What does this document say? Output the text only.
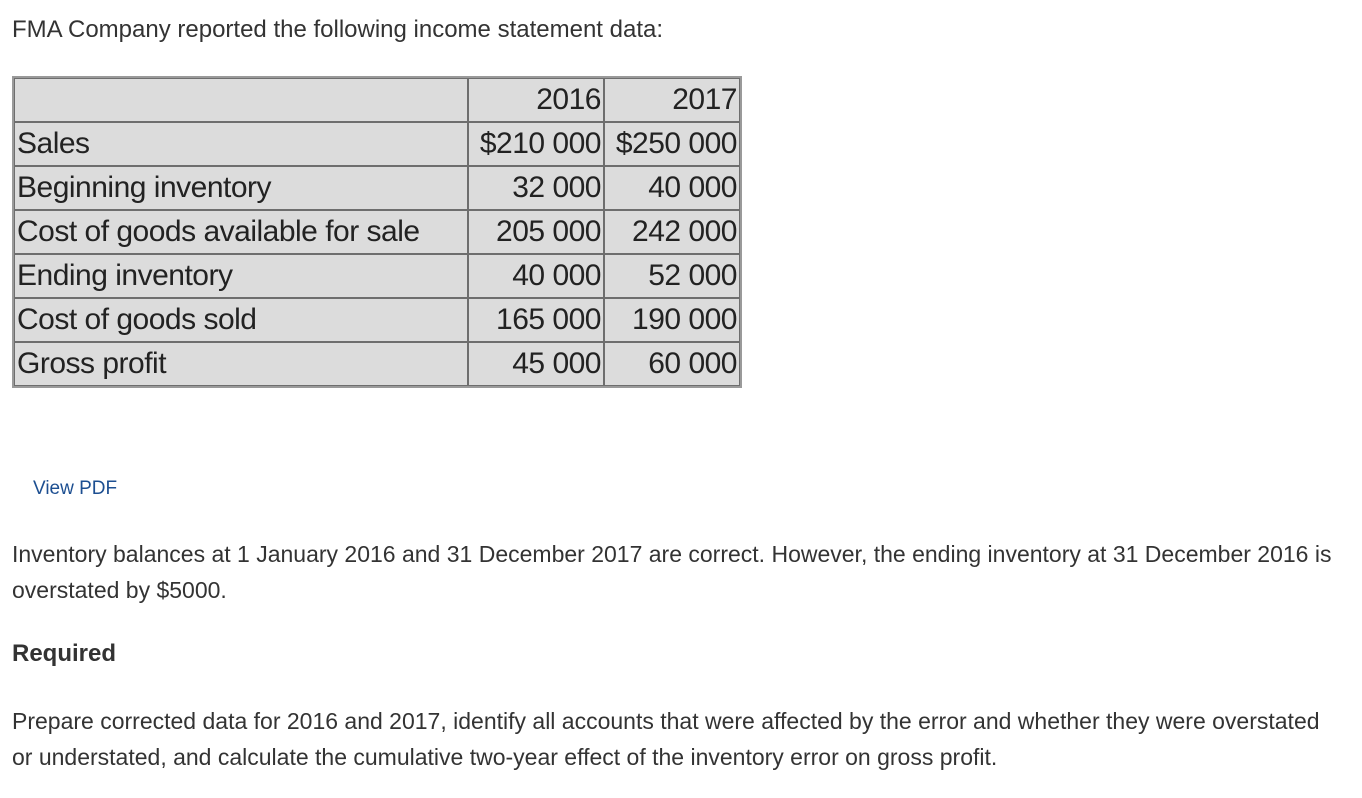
FMA Company reported the following income statement data:

	2016	2017
Sales	$210 000	$250 000
Beginning inventory	32 000	40 000
Cost of goods available for sale	205 000	242 000
Ending inventory	40 000	52 000
Cost of goods sold	165 000	190 000
Gross profit	45 000	60 000
View PDF

Inventory balances at 1 January 2016 and 31 December 2017 are correct. However, the ending inventory at 31 December 2016 is overstated by $5000.

Required

Prepare corrected data for 2016 and 2017, identify all accounts that were affected by the error and whether they were overstated or understated, and calculate the cumulative two-year effect of the inventory error on gross profit.
